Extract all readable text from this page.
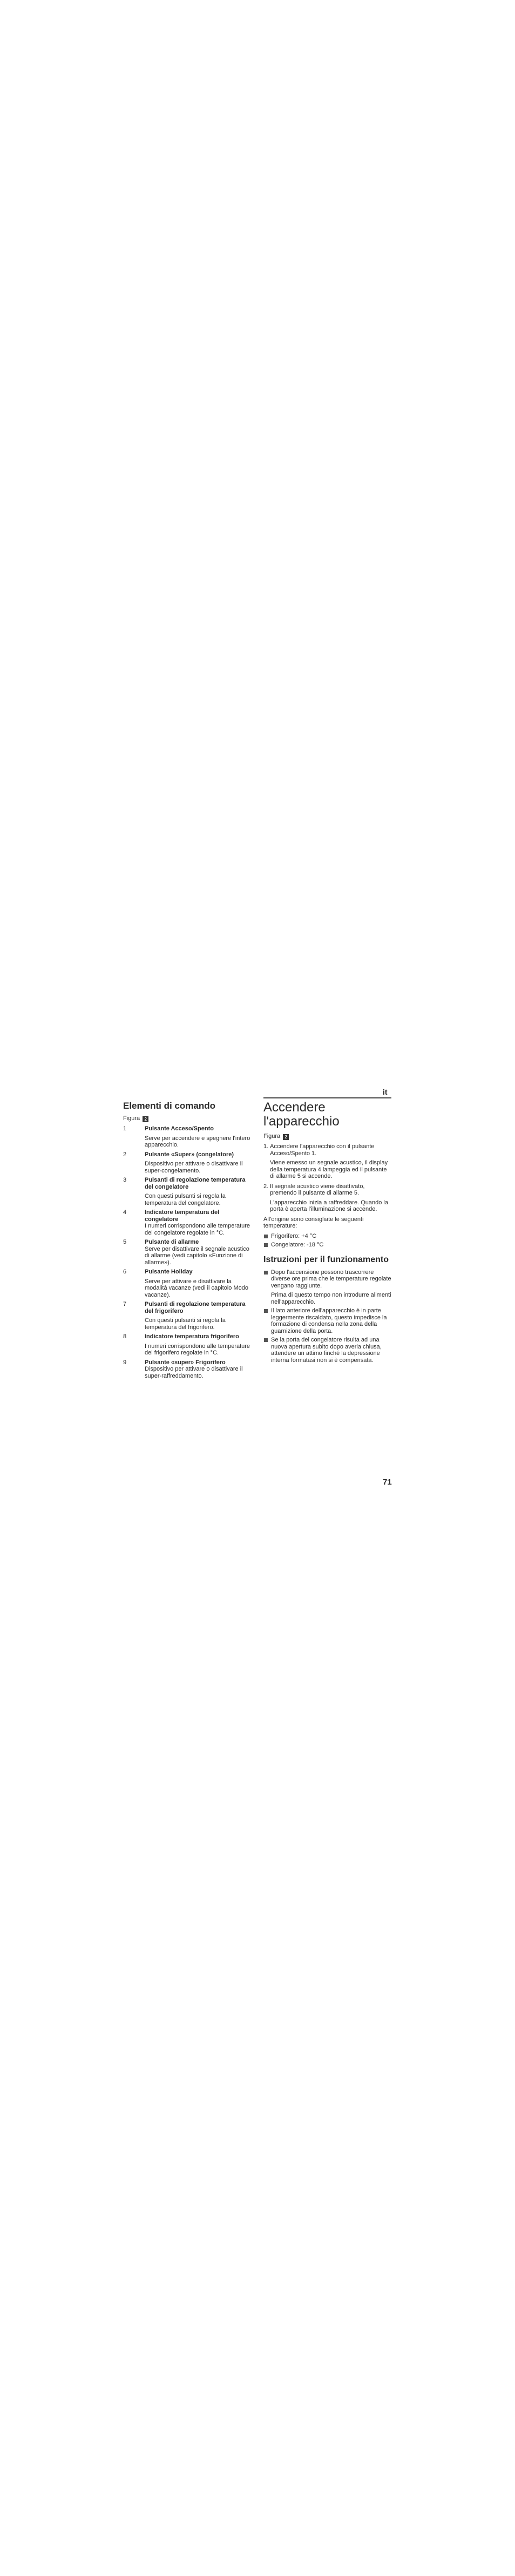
it
Elementi di comando
Figura 2
1	Pulsante Acceso/Spento
Serve per accendere e spegnere l'intero apparecchio.
2	Pulsante «Super» (congelatore)
Dispositivo per attivare o disattivare il super-congelamento.
3	Pulsanti di regolazione temperatura del congelatore
Con questi pulsanti si regola la temperatura del congelatore.
4	Indicatore temperatura del congelatore
I numeri corrispondono alle temperature del congelatore regolate in °C.
5	Pulsante di allarme
Serve per disattivare il segnale acustico di allarme (vedi capitolo «Funzione di allarme»).
6	Pulsante Holiday
Serve per attivare e disattivare la modalità vacanze (vedi il capitolo Modo vacanze).
7	Pulsanti di regolazione temperatura del frigorifero
Con questi pulsanti si regola la temperatura del frigorifero.
8	Indicatore temperatura frigorifero
I numeri corrispondono alle temperature del frigorifero regolate in °C.
9	Pulsante «super» Frigorifero
Dispositivo per attivare o disattivare il super-raffreddamento.
Accendere l'apparecchio
Figura 2
1. Accendere l'apparecchio con il pulsante Acceso/Spento 1.
Viene emesso un segnale acustico, il display della temperatura 4 lampeggia ed il pulsante di allarme 5 si accende.
2. Il segnale acustico viene disattivato, premendo il pulsante di allarme 5.
L'apparecchio inizia a raffreddare. Quando la porta è aperta l'illuminazione si accende.
All'origine sono consigliate le seguenti temperature:
Frigorifero: +4 °C
Congelatore: -18 °C
Istruzioni per il funzionamento
Dopo l'accensione possono trascorrere diverse ore prima che le temperature regolate vengano raggiunte.
Prima di questo tempo non introdurre alimenti nell'apparecchio.
Il lato anteriore dell'apparecchio è in parte leggermente riscaldato, questo impedisce la formazione di condensa nella zona della guarnizione della porta.
Se la porta del congelatore risulta ad una nuova apertura subito dopo averla chiusa, attendere un attimo finché la depressione interna formatasi non si è compensata.
71
